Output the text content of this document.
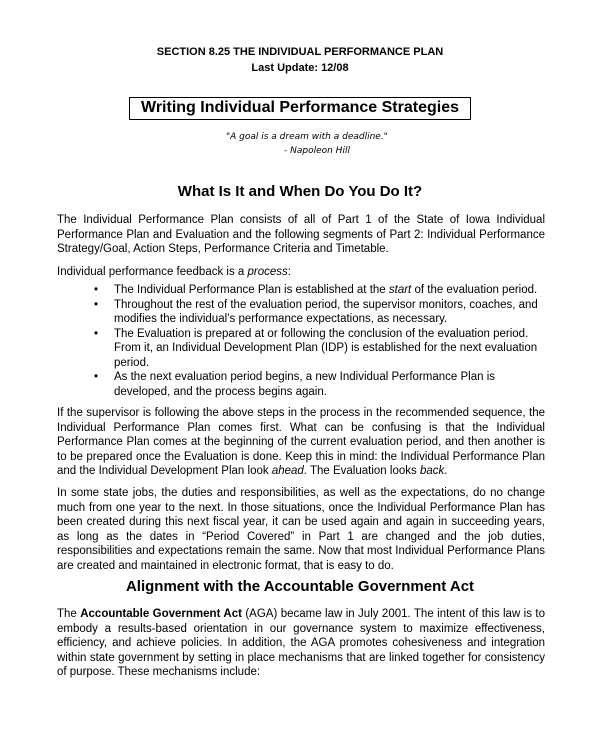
SECTION 8.25 THE INDIVIDUAL PERFORMANCE PLAN
Last Update: 12/08
Writing Individual Performance Strategies
"A goal is a dream with a deadline."
- Napoleon Hill
What Is It and When Do You Do It?

The Individual Performance Plan consists of all of Part 1 of the State of Iowa Individual Performance Plan and Evaluation and the following segments of Part 2: Individual Performance Strategy/Goal, Action Steps, Performance Criteria and Timetable.

Individual performance feedback is a process:

• The Individual Performance Plan is established at the start of the evaluation period.
• Throughout the rest of the evaluation period, the supervisor monitors, coaches, and modifies the individual’s performance expectations, as necessary.
• The Evaluation is prepared at or following the conclusion of the evaluation period. From it, an Individual Development Plan (IDP) is established for the next evaluation period.
• As the next evaluation period begins, a new Individual Performance Plan is developed, and the process begins again.

If the supervisor is following the above steps in the process in the recommended sequence, the Individual Performance Plan comes first. What can be confusing is that the Individual Performance Plan comes at the beginning of the current evaluation period, and then another is to be prepared once the Evaluation is done. Keep this in mind: the Individual Performance Plan and the Individual Development Plan look ahead. The Evaluation looks back.

In some state jobs, the duties and responsibilities, as well as the expectations, do no change much from one year to the next. In those situations, once the Individual Performance Plan has been created during this next fiscal year, it can be used again and again in succeeding years, as long as the dates in “Period Covered” in Part 1 are changed and the job duties, responsibilities and expectations remain the same. Now that most Individual Performance Plans are created and maintained in electronic format, that is easy to do.

Alignment with the Accountable Government Act

The Accountable Government Act (AGA) became law in July 2001. The intent of this law is to embody a results-based orientation in our governance system to maximize effectiveness, efficiency, and achieve policies. In addition, the AGA promotes cohesiveness and integration within state government by setting in place mechanisms that are linked together for consistency of purpose. These mechanisms include:
